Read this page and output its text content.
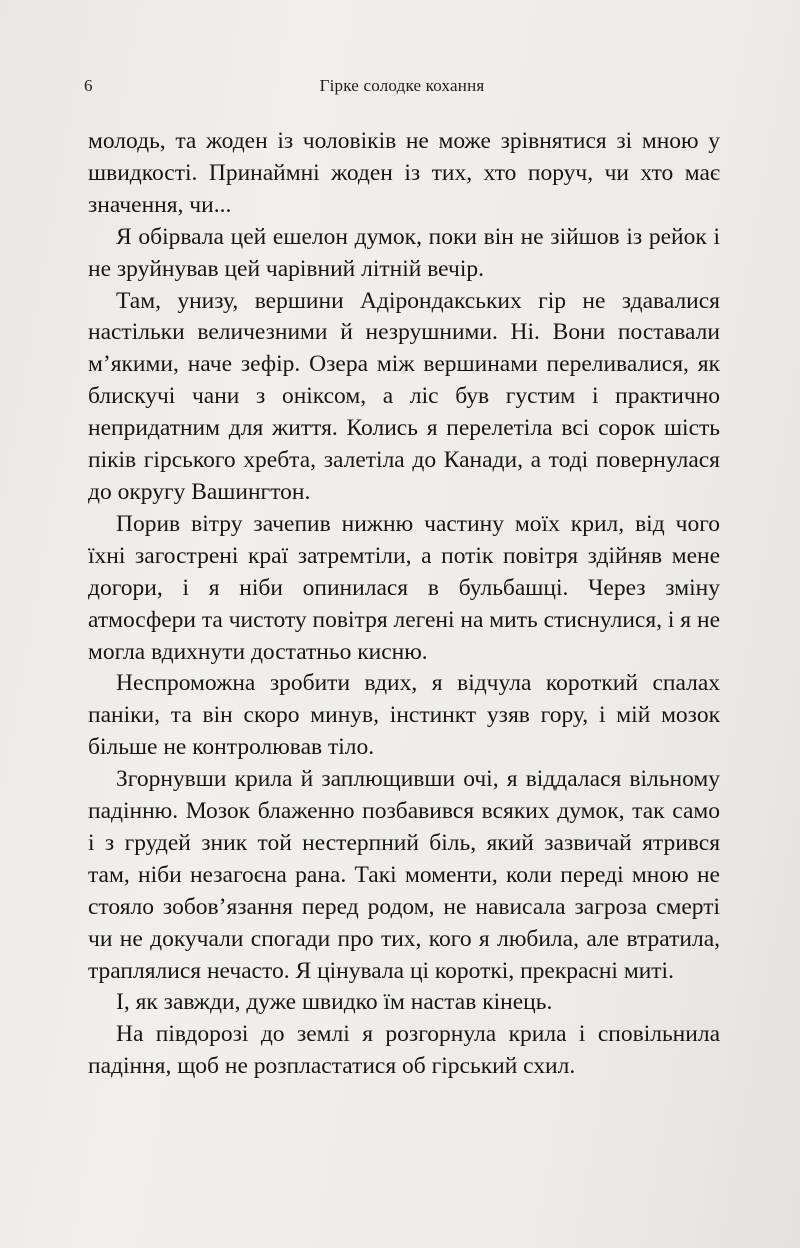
6	Гірке солодке кохання

молодь, та жоден із чоловіків не може зрівнятися зі мною у швидкості. Принаймні жоден із тих, хто поруч, чи хто має значення, чи...

Я обірвала цей ешелон думок, поки він не зійшов із рейок і не зруйнував цей чарівний літній вечір.

Там, унизу, вершини Адірондакських гір не здавалися настільки величезними й незрушними. Ні. Вони поставали м’якими, наче зефір. Озера між вершинами переливалися, як блискучі чани з оніксом, а ліс був густим і практично непридатним для життя. Колись я перелетіла всі сорок шість піків гірського хребта, залетіла до Канади, а тоді повернулася до округу Вашингтон.

Порив вітру зачепив нижню частину моїх крил, від чого їхні загострені краї затремтіли, а потік повітря здійняв мене догори, і я ніби опинилася в бульбашці. Через зміну атмосфери та чистоту повітря легені на мить стиснулися, і я не могла вдихнути достатньо кисню.

Неспроможна зробити вдих, я відчула короткий спалах паніки, та він скоро минув, інстинкт узяв гору, і мій мозок більше не контролював тіло.

Згорнувши крила й заплющивши очі, я віддалася вільному падінню. Мозок блаженно позбавився всяких думок, так само і з грудей зник той нестерпний біль, який зазвичай ятрився там, ніби незагоєна рана. Такі моменти, коли переді мною не стояло зобов’язання перед родом, не нависала загроза смерті чи не докучали спогади про тих, кого я любила, але втратила, траплялися нечасто. Я цінувала ці короткі, прекрасні миті.

І, як завжди, дуже швидко їм настав кінець.

На півдорозі до землі я розгорнула крила і сповільнила падіння, щоб не розпластатися об гірський схил.
